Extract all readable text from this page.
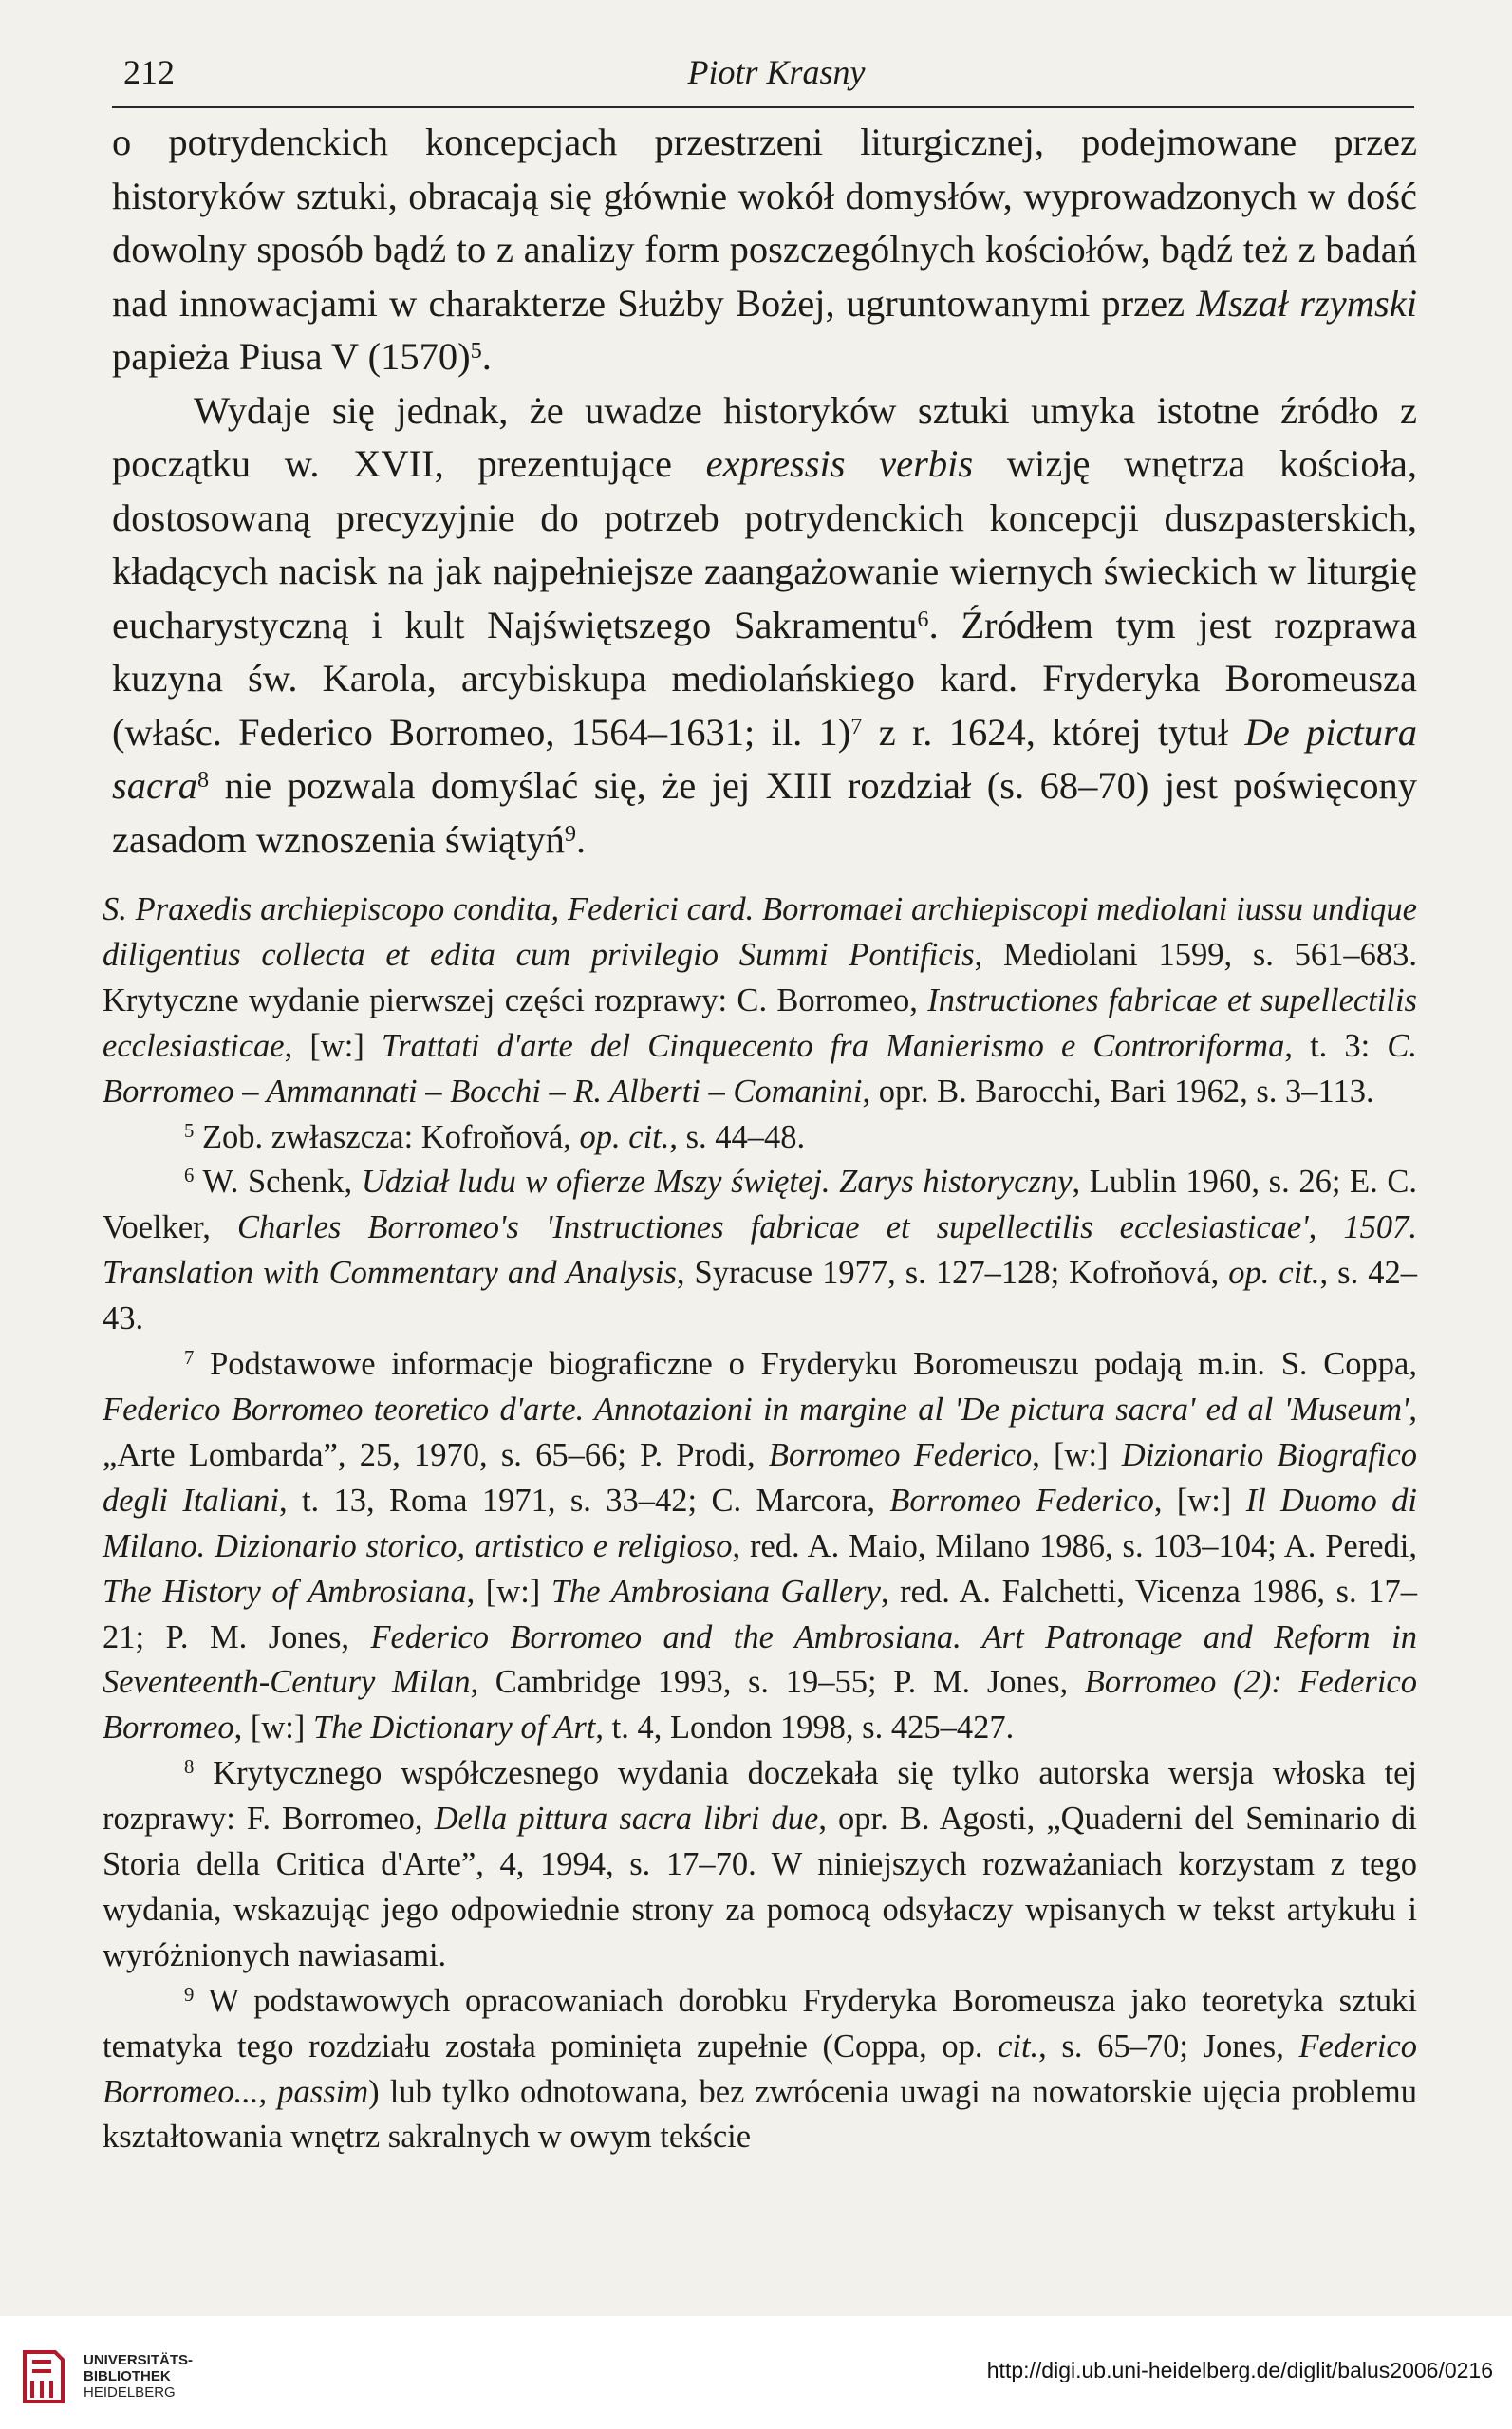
212	Piotr Krasny

o potrydenckich koncepcjach przestrzeni liturgicznej, podejmowane przez historyków sztuki, obracają się głównie wokół domysłów, wyprowadzonych w dość dowolny sposób bądź to z analizy form poszczególnych kościołów, bądź też z badań nad innowacjami w charakterze Służby Bożej, ugruntowanymi przez Mszał rzymski papieża Piusa V $(1570)^5$.

Wydaje się jednak, że uwadze historyków sztuki umyka istotne źródło z początku w. XVII, prezentujące expressis verbis wizję wnętrza kościoła, dostosowaną precyzyjnie do potrzeb potrydenckich koncepcji duszpasterskich, kładących nacisk na jak najpełniejsze zaangażowanie wiernych świeckich w liturgię eucharystyczną i kult Najświętszego Sakramentu$^6$. Źródłem tym jest rozprawa kuzyna św. Karola, arcybiskupa mediolańskiego kard. Fryderyka Boromeusza (właśc. Federico Borromeo, 1564–1631; il. 1)$^7$ z r. 1624, której tytuł De pictura sacra$^8$ nie pozwala domyślać się, że jej XIII rozdział (s. 68–70) jest poświęcony zasadom wznoszenia świątyń$^9$.

S. Praxedis archiepiscopo condita, Federici card. Borromaei archiepiscopi mediolani iussu undique diligentius collecta et edita cum privilegio Summi Pontificis, Mediolani 1599, s. 561–683. Krytyczne wydanie pierwszej części rozprawy: C. Borromeo, Instructiones fabricae et supellectilis ecclesiasticae, [w:] Trattati d'arte del Cinquecento fra Manierismo e Controriforma, t. 3: C. Borromeo – Ammannati – Bocchi – R. Alberti – Comanini, opr. B. Barocchi, Bari 1962, s. 3–113.

$^5$ Zob. zwłaszcza: Kofroňová, op. cit., s. 44–48.

$^6$ W. Schenk, Udział ludu w ofierze Mszy świętej. Zarys historyczny, Lublin 1960, s. 26; E. C. Voelker, Charles Borromeo's 'Instructiones fabricae et supellectilis ecclesiasticae', 1507. Translation with Commentary and Analysis, Syracuse 1977, s. 127–128; Kofroňová, op. cit., s. 42–43.

$^7$ Podstawowe informacje biograficzne o Fryderyku Boromeuszu podają m.in. S. Coppa, Federico Borromeo teoretico d'arte. Annotazioni in margine al 'De pictura sacra' ed al 'Museum', „Arte Lombarda”, 25, 1970, s. 65–66; P. Prodi, Borromeo Federico, [w:] Dizionario Biografico degli Italiani, t. 13, Roma 1971, s. 33–42; C. Marcora, Borromeo Federico, [w:] Il Duomo di Milano. Dizionario storico, artistico e religioso, red. A. Maio, Milano 1986, s. 103–104; A. Peredi, The History of Ambrosiana, [w:] The Ambrosiana Gallery, red. A. Falchetti, Vicenza 1986, s. 17–21; P. M. Jones, Federico Borromeo and the Ambrosiana. Art Patronage and Reform in Seventeenth-Century Milan, Cambridge 1993, s. 19–55; P. M. Jones, Borromeo (2): Federico Borromeo, [w:] The Dictionary of Art, t. 4, London 1998, s. 425–427.

$^8$ Krytycznego współczesnego wydania doczekała się tylko autorska wersja włoska tej rozprawy: F. Borromeo, Della pittura sacra libri due, opr. B. Agosti, „Quaderni del Seminario di Storia della Critica d'Arte”, 4, 1994, s. 17–70. W niniejszych rozważaniach korzystam z tego wydania, wskazując jego odpowiednie strony za pomocą odsyłaczy wpisanych w tekst artykułu i wyróżnionych nawiasami.

$^9$ W podstawowych opracowaniach dorobku Fryderyka Boromeusza jako teoretyka sztuki tematyka tego rozdziału została pominięta zupełnie (Coppa, op. cit., s. 65–70; Jones, Federico Borromeo..., passim) lub tylko odnotowana, bez zwrócenia uwagi na nowatorskie ujęcia problemu kształtowania wnętrz sakralnych w owym tekście

UNIVERSITÄTS-
BIBLIOTHEK
HEIDELBERG
http://digi.ub.uni-heidelberg.de/diglit/balus2006/0216
